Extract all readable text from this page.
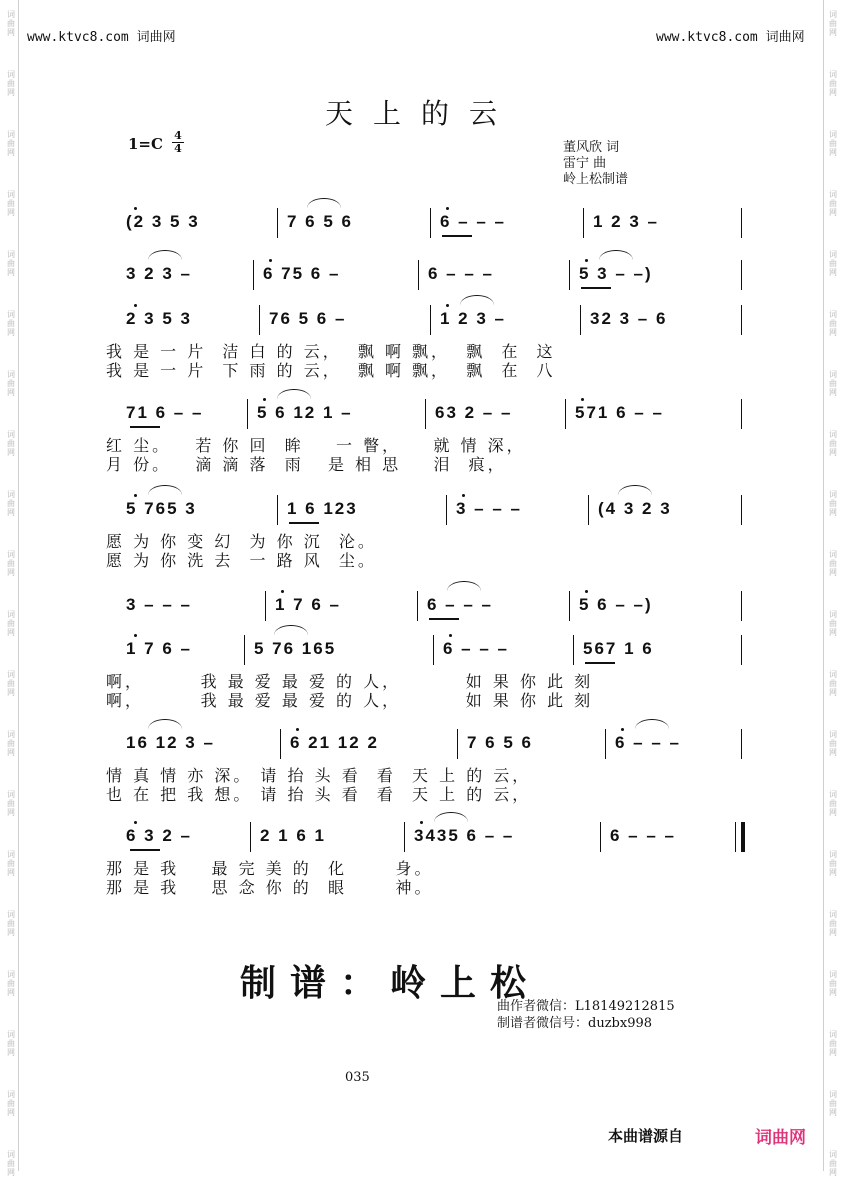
词
曲
网
词
曲
网
词
曲
网
词
曲
网
词
曲
网
词
曲
网
词
曲
网
词
曲
网
词
曲
网
词
曲
网
词
曲
网
词
曲
网
词
曲
网
词
曲
网
词
曲
网
词
曲
网
词
曲
网
词
曲
网
词
曲
网
词
曲
网
词
曲
网
词
曲
网
词
曲
网
词
曲
网
词
曲
网
词
曲
网
词
曲
网
词
曲
网
词
曲
网
词
曲
网
词
曲
网
词
曲
网
词
曲
网
词
曲
网
词
曲
网
词
曲
网
词
曲
网
词
曲
网
词
曲
网
词
曲
网
www.ktvc8.com 词曲网	www.ktvc8.com 词曲网
天上的云
$1=C \frac{4}{4}$	董风欣 词
雷宁 曲
岭上松制谱
(2 3 5 3	7 6 5 6	6 – – –	1 2 3 –
3 2 3 –	6 75 6 –	6 – – –	5 3 – –)
2 3 5 3	76 5 6 –	1 2 3 –	32 3 – 6
我 是 一 片  洁 白 的 云，  飘 啊 飘，  飘  在  这
我 是 一 片  下 雨 的 云，  飘 啊 飘，  飘  在  八
71 6 – –	5 6 12 1 –	63 2 – –	571 6 – –
红 尘。   若 你 回  眸    一 瞥，    就 情 深，
月 份。   滴 滴 落  雨   是 相 思    泪  痕，
5 765 3	1 6 123	3 – – –	(4 3 2 3
愿 为 你 变 幻  为 你 沉  沦。
愿 为 你 洗 去  一 路 风  尘。
3 – – –	1 7 6 –	6 – – –	5 6 – –)
1 7 6 –	5 76 165	6 – – –	567 1 6
啊，       我 最 爱 最 爱 的 人，        如 果 你 此 刻
啊，       我 最 爱 最 爱 的 人，        如 果 你 此 刻
16 12 3 –	6 21 12 2	7 6 5 6	6 – – –
情 真 情 亦 深。 请 抬 头 看  看  天 上 的 云，
也 在 把 我 想。 请 抬 头 看  看  天 上 的 云，
6 3 2 –	2 1 6 1	3435 6 – –	6 – – –
那 是 我    最 完 美 的  化      身。
那 是 我    思 念 你 的  眼      神。
制谱：岭上松
曲作者微信：L18149212815
制谱者微信号：duzbx998
035
本曲谱源自	词曲网
